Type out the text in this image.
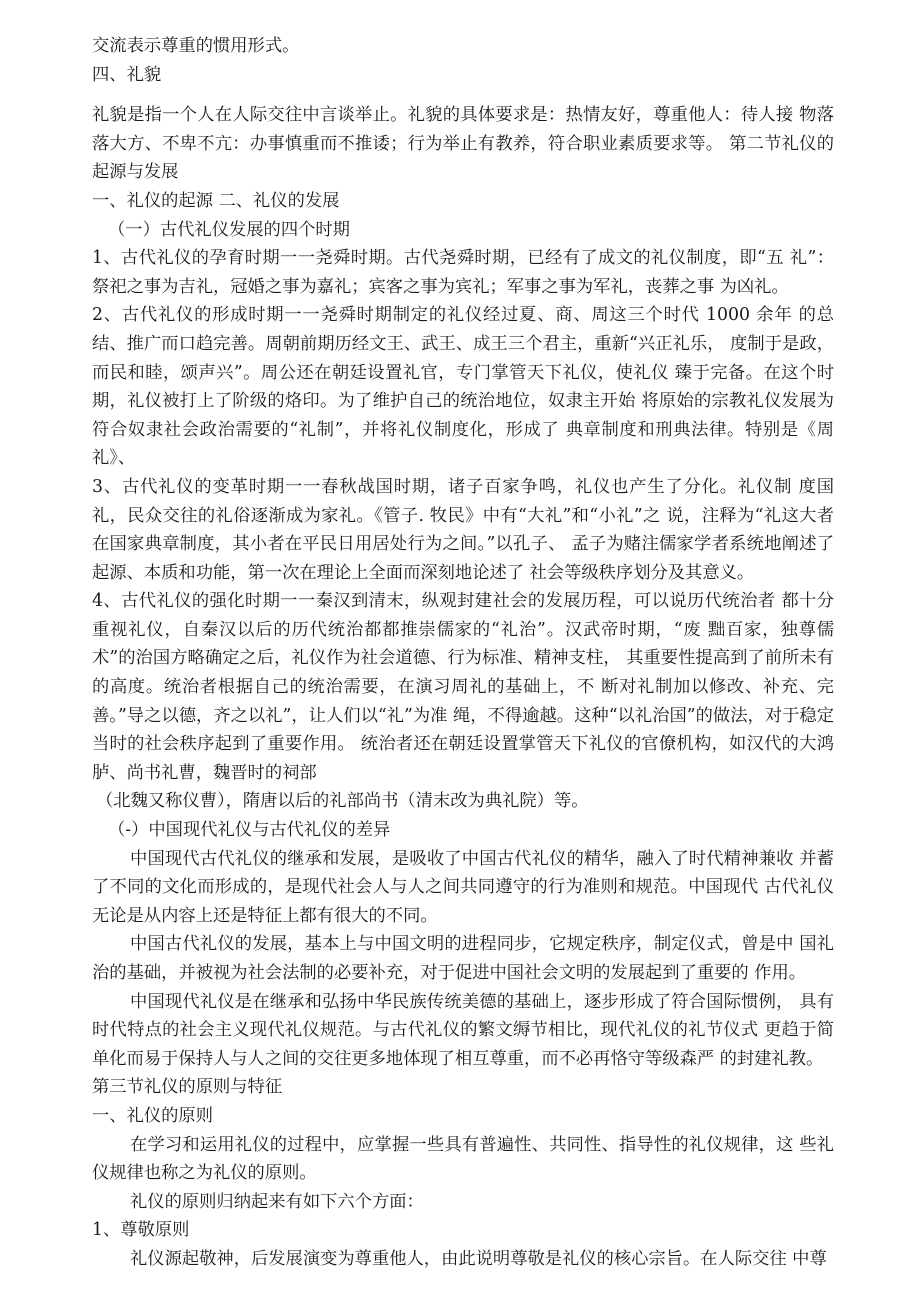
交流表示尊重的惯用形式。

四、礼貌

礼貌是指一个人在人际交往中言谈举止。礼貌的具体要求是：热情友好，尊重他人：待人接 物落落大方、不卑不亢：办事慎重而不推诿；行为举止有教养，符合职业素质要求等。 第二节礼仪的起源与发展

一、礼仪的起源 二、礼仪的发展

（一）古代礼仪发展的四个时期

1、古代礼仪的孕育时期一一尧舜时期。古代尧舜时期，已经有了成文的礼仪制度，即“五 礼”：祭祀之事为吉礼，冠婚之事为嘉礼；宾客之事为宾礼；军事之事为军礼，丧葬之事 为凶礼。

2、古代礼仪的形成时期一一尧舜时期制定的礼仪经过夏、商、周这三个时代 1000 余年 的总结、推广而口趋完善。周朝前期历经文王、武王、成王三个君主，重新“兴正礼乐， 度制于是政，而民和睦，颂声兴”。周公还在朝廷设置礼官，专门掌管天下礼仪，使礼仪 臻于完备。在这个时期，礼仪被打上了阶级的烙印。为了维护自己的统治地位，奴隶主开始 将原始的宗教礼仪发展为符合奴隶社会政治需要的“礼制”，并将礼仪制度化，形成了 典章制度和刑典法律。特别是《周礼》、

3、古代礼仪的变革时期一一春秋战国时期，诸子百家争鸣，礼仪也产生了分化。礼仪制 度国礼，民众交往的礼俗逐渐成为家礼。《管子. 牧民》中有“大礼”和“小礼”之 说，注释为“礼这大者在国家典章制度，其小者在平民日用居处行为之间。”以孔子、 孟子为赌注儒家学者系统地阐述了起源、本质和功能，第一次在理论上全面而深刻地论述了 社会等级秩序划分及其意义。

4、古代礼仪的强化时期一一秦汉到清末，纵观封建社会的发展历程，可以说历代统治者 都十分重视礼仪，自秦汉以后的历代统治都都推崇儒家的“礼治”。汉武帝时期，“废 黜百家，独尊儒术”的治国方略确定之后，礼仪作为社会道德、行为标准、精神支柱， 其重要性提高到了前所未有的高度。统治者根据自己的统治需要，在演习周礼的基础上，不 断对礼制加以修改、补充、完善。”导之以德，齐之以礼”，让人们以“礼”为准 绳，不得逾越。这种“以礼治国”的做法，对于稳定当时的社会秩序起到了重要作用。 统治者还在朝廷设置掌管天下礼仪的官僚机构，如汉代的大鸿胪、尚书礼曹，魏晋时的祠部

（北魏又称仪曹），隋唐以后的礼部尚书（清末改为典礼院）等。

（-）中国现代礼仪与古代礼仪的差异

中国现代古代礼仪的继承和发展，是吸收了中国古代礼仪的精华，融入了时代精神兼收 并蓄了不同的文化而形成的，是现代社会人与人之间共同遵守的行为准则和规范。中国现代 古代礼仪无论是从内容上还是特征上都有很大的不同。

中国古代礼仪的发展，基本上与中国文明的进程同步，它规定秩序，制定仪式，曾是中 国礼治的基础，并被视为社会法制的必要补充，对于促进中国社会文明的发展起到了重要的 作用。

中国现代礼仪是在继承和弘扬中华民族传统美德的基础上，逐步形成了符合国际惯例， 具有时代特点的社会主义现代礼仪规范。与古代礼仪的繁文缛节相比，现代礼仪的礼节仪式 更趋于简单化而易于保持人与人之间的交往更多地体现了相互尊重，而不必再恪守等级森严 的封建礼教。

第三节礼仪的原则与特征

一、礼仪的原则

在学习和运用礼仪的过程中，应掌握一些具有普遍性、共同性、指导性的礼仪规律，这 些礼仪规律也称之为礼仪的原则。

礼仪的原则归纳起来有如下六个方面：

1、尊敬原则

礼仪源起敬神，后发展演变为尊重他人，由此说明尊敬是礼仪的核心宗旨。在人际交往 中尊
